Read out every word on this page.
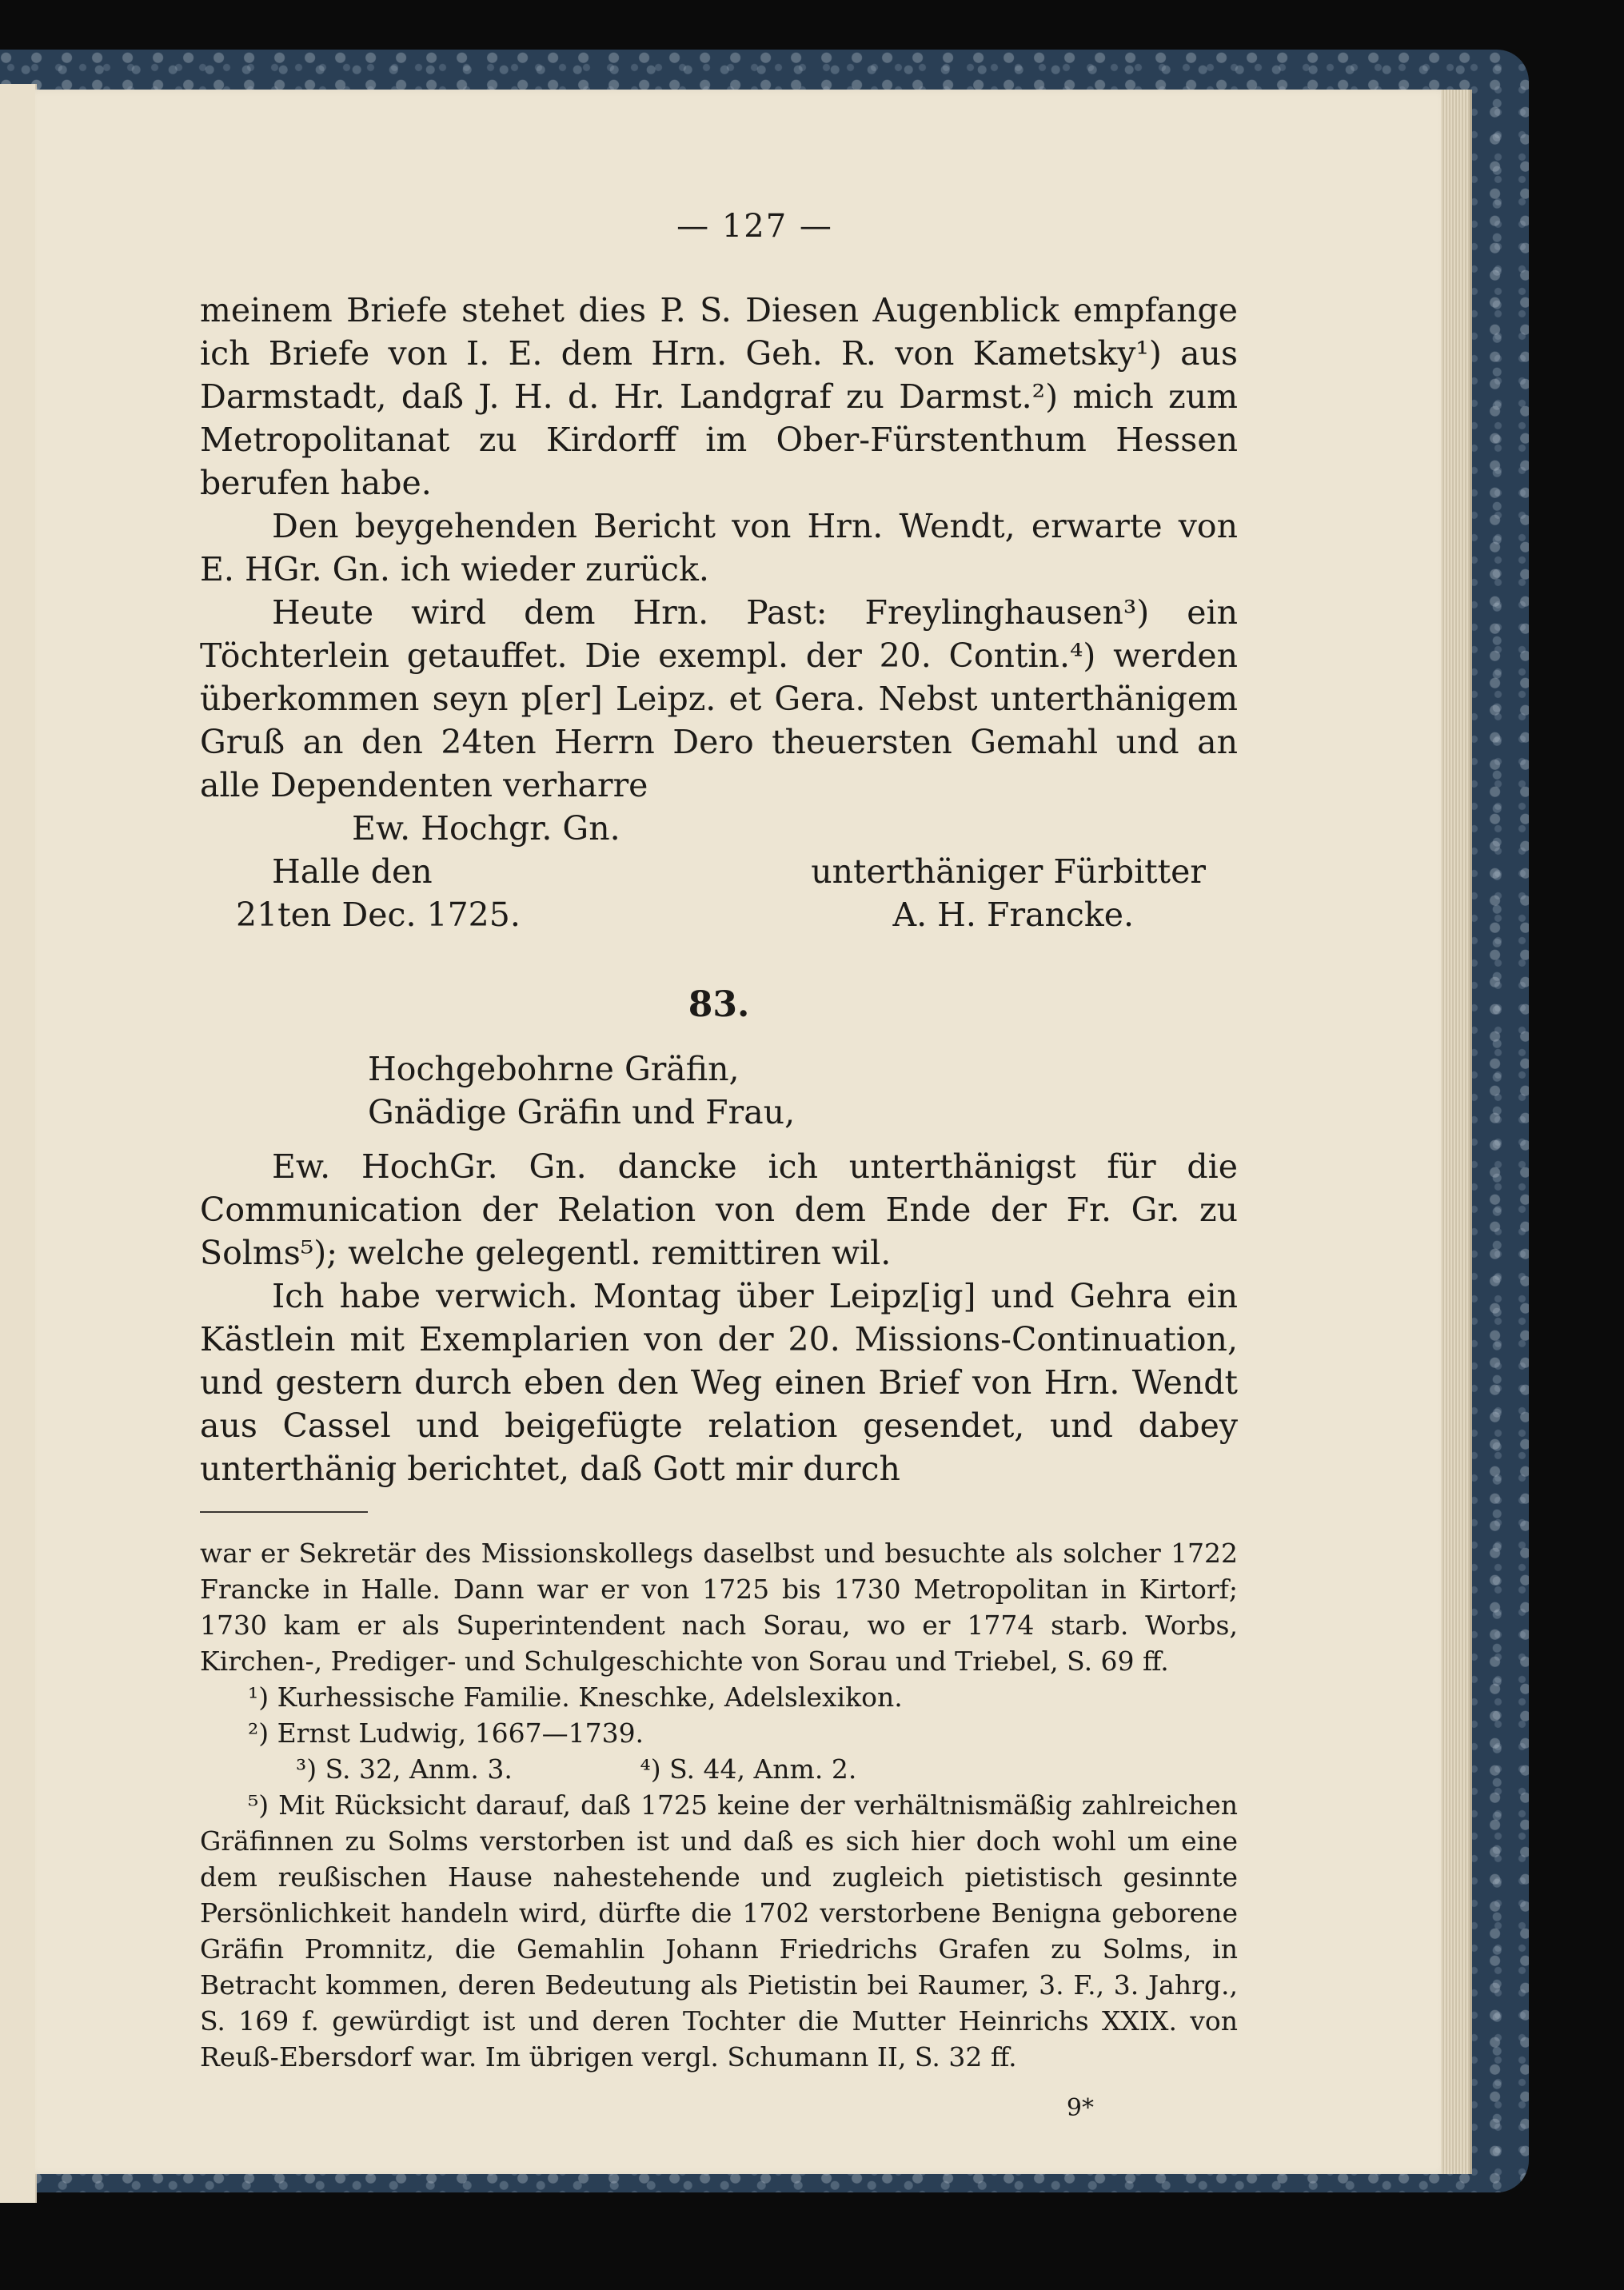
— 127 —

meinem Briefe stehet dies P. S. Diesen Augenblick empfange ich Briefe von I. E. dem Hrn. Geh. R. von Kametsky¹) aus Darmstadt, daß J. H. d. Hr. Landgraf zu Darmst.²) mich zum Metropolitanat zu Kirdorff im Ober-Fürstenthum Hessen berufen habe.

Den beygehenden Bericht von Hrn. Wendt, erwarte von E. HGr. Gn. ich wieder zurück.

Heute wird dem Hrn. Past: Freylinghausen³) ein Töchterlein getauffet. Die exempl. der 20. Contin.⁴) werden überkommen seyn p[er] Leipz. et Gera. Nebst unterthänigem Gruß an den 24ten Herrn Dero theuersten Gemahl und an alle Dependenten verharre

Ew. Hochgr. Gn.

Halle den	unterthäniger Fürbitter
21ten Dec. 1725.	A. H. Francke.
83.
Hochgebohrne Gräfin,
Gnädige Gräfin und Frau,

Ew. HochGr. Gn. dancke ich unterthänigst für die Communication der Relation von dem Ende der Fr. Gr. zu Solms⁵); welche gelegentl. remittiren wil.

Ich habe verwich. Montag über Leipz[ig] und Gehra ein Kästlein mit Exemplarien von der 20. Missions-Continuation, und gestern durch eben den Weg einen Brief von Hrn. Wendt aus Cassel und beigefügte relation gesendet, und dabey unterthänig berichtet, daß Gott mir durch

war er Sekretär des Missionskollegs daselbst und besuchte als solcher 1722 Francke in Halle. Dann war er von 1725 bis 1730 Metropolitan in Kirtorf; 1730 kam er als Superintendent nach Sorau, wo er 1774 starb. Worbs, Kirchen-, Prediger- und Schulgeschichte von Sorau und Triebel, S. 69 ff.

¹) Kurhessische Familie. Kneschke, Adelslexikon.

²) Ernst Ludwig, 1667—1739.

³) S. 32, Anm. 3.	⁴) S. 44, Anm. 2.

⁵) Mit Rücksicht darauf, daß 1725 keine der verhältnismäßig zahlreichen Gräfinnen zu Solms verstorben ist und daß es sich hier doch wohl um eine dem reußischen Hause nahestehende und zugleich pietistisch gesinnte Persönlichkeit handeln wird, dürfte die 1702 verstorbene Benigna geborene Gräfin Promnitz, die Gemahlin Johann Friedrichs Grafen zu Solms, in Betracht kommen, deren Bedeutung als Pietistin bei Raumer, 3. F., 3. Jahrg., S. 169 f. gewürdigt ist und deren Tochter die Mutter Heinrichs XXIX. von Reuß-Ebersdorf war. Im übrigen vergl. Schumann II, S. 32 ff.

9*
